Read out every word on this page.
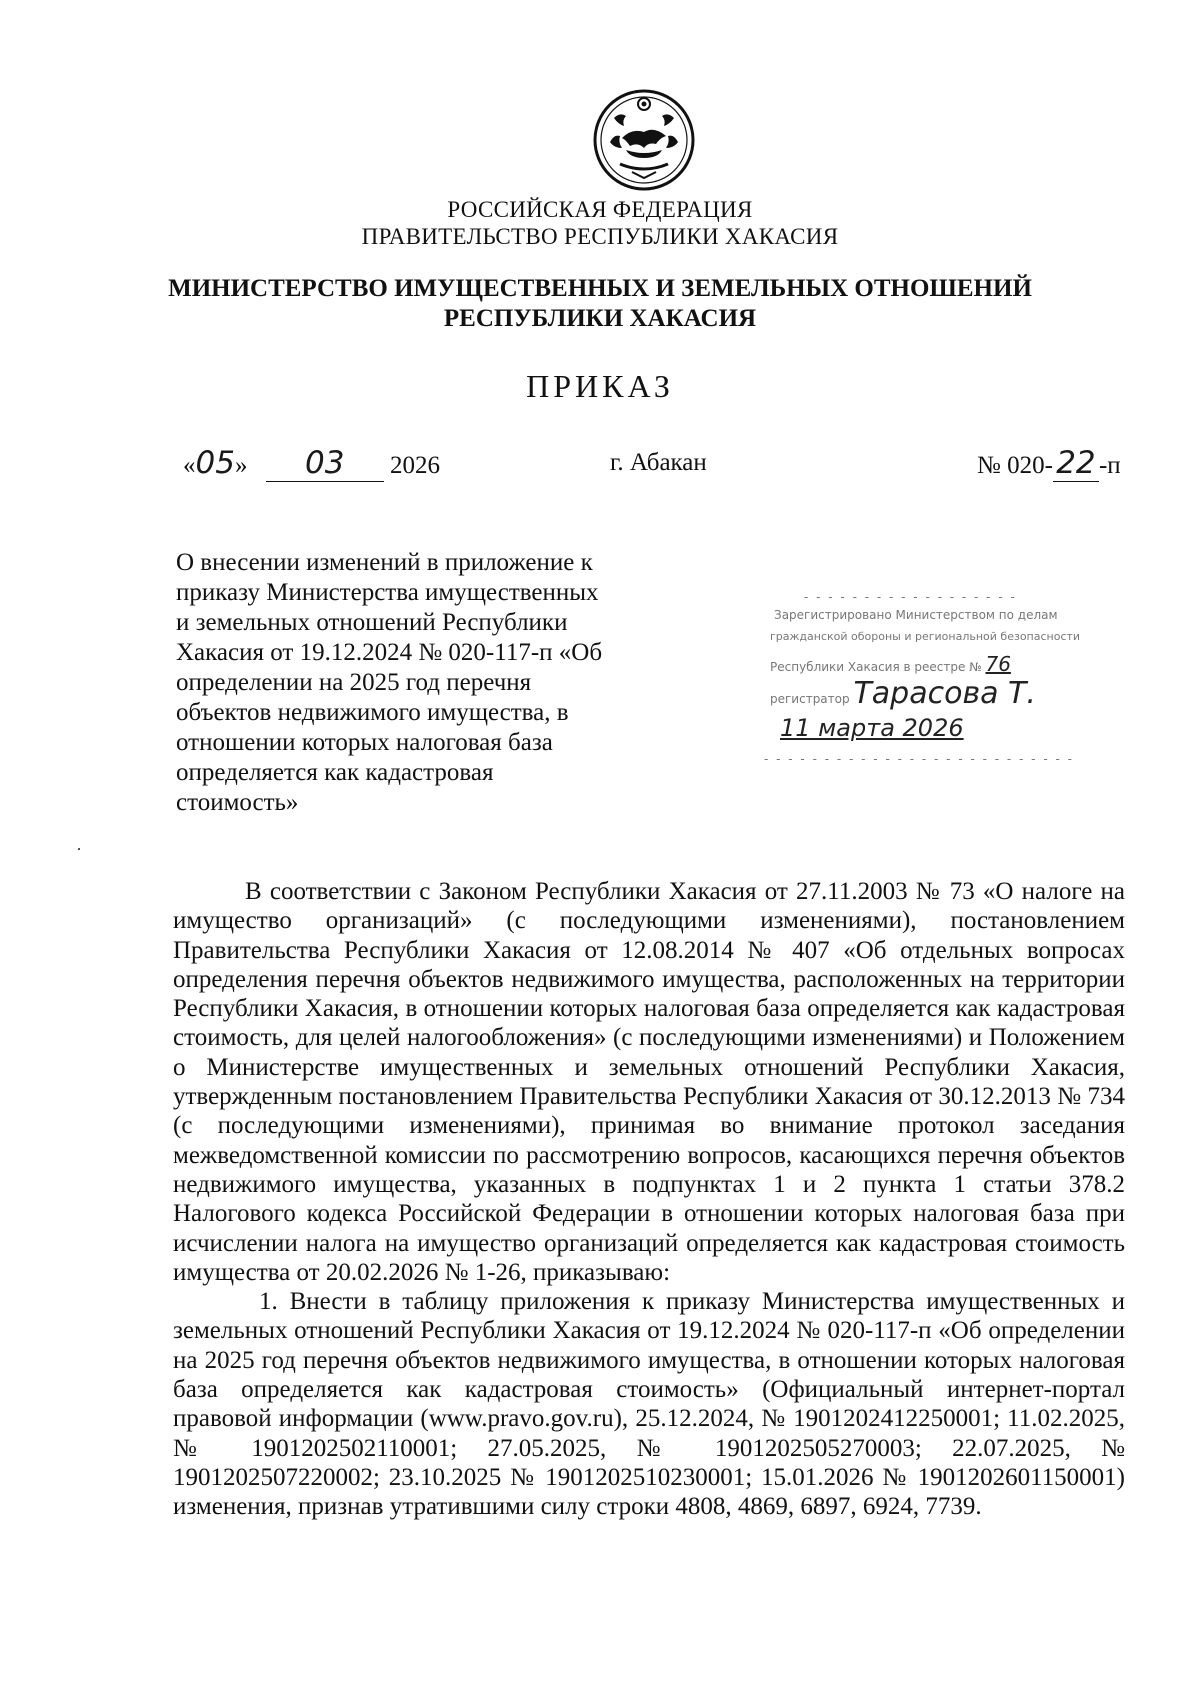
РОССИЙСКАЯ ФЕДЕРАЦИЯ
ПРАВИТЕЛЬСТВО РЕСПУБЛИКИ ХАКАСИЯ
МИНИСТЕРСТВО ИМУЩЕСТВЕННЫХ И ЗЕМЕЛЬНЫХ ОТНОШЕНИЙ
РЕСПУБЛИКИ ХАКАСИЯ
ПРИКАЗ
«05» 03 2026	г. Абакан	№ 020- 22 -п
О внесении изменений в приложение к
приказу Министерства имущественных
и земельных отношений Республики
Хакасия от 19.12.2024 № 020-117-п «Об
определении на 2025 год перечня
объектов недвижимого имущества, в
отношении которых налоговая база
определяется как кадастровая
стоимость»
- - - - - - - - - - - - - - - - - -
Зарегистрировано Министерством по делам
гражданской обороны и региональной безопасности
Республики Хакасия в реестре № 76
регистратор Тарасова Т.
11 марта 2026
- - - - - - - - - - - - - - - - - - - - - - - - - -

В соответствии с Законом Республики Хакасия от 27.11.2003 № 73 «О налоге на имущество организаций» (с последующими изменениями), постановлением Правительства Республики Хакасия от 12.08.2014 № 407 «Об отдельных вопросах определения перечня объектов недвижимого имущества, расположенных на территории Республики Хакасия, в отношении которых налоговая база определяется как кадастровая стоимость, для целей налогообложения» (с последующими изменениями) и Положением о Министерстве имущественных и земельных отношений Республики Хакасия, утвержденным постановлением Правительства Республики Хакасия от 30.12.2013 № 734 (с последующими изменениями), принимая во внимание протокол заседания межведомственной комиссии по рассмотрению вопросов, касающихся перечня объектов недвижимого имущества, указанных в подпунктах 1 и 2 пункта 1 статьи 378.2 Налогового кодекса Российской Федерации в отношении которых налоговая база при исчислении налога на имущество организаций определяется как кадастровая стоимость имущества от 20.02.2026 № 1-26, приказываю:

1. Внести в таблицу приложения к приказу Министерства имущественных и земельных отношений Республики Хакасия от 19.12.2024 № 020-117-п «Об определении на 2025 год перечня объектов недвижимого имущества, в отношении которых налоговая база определяется как кадастровая стоимость» (Официальный интернет-портал правовой информации (www.pravo.gov.ru), 25.12.2024, № 1901202412250001; 11.02.2025, № 1901202502110001; 27.05.2025, № 1901202505270003; 22.07.2025, № 1901202507220002; 23.10.2025 № 1901202510230001; 15.01.2026 № 1901202601150001) изменения, признав утратившими силу строки 4808, 4869, 6897, 6924, 7739.
